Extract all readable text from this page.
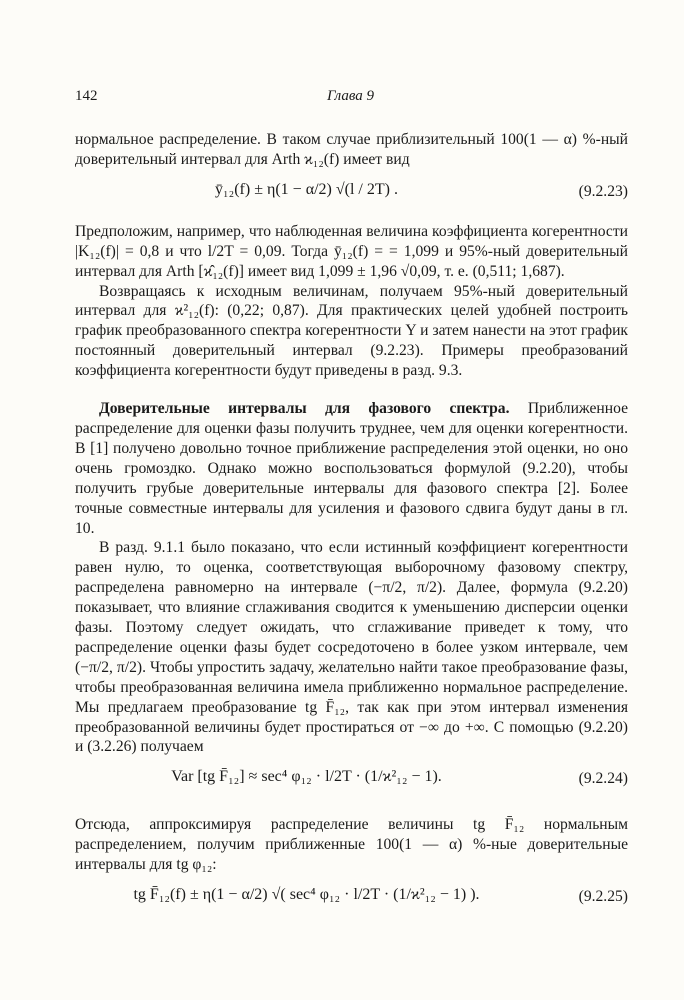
142	Глава 9

нормальное распределение. В таком случае приблизительный 100(1 — α) %-ный доверительный интервал для Arth ϰ₁₂(f) имеет вид

ȳ₁₂(f) ± η(1 − α/2) √(l / 2T) .	(9.2.23)

Предположим, например, что наблюденная величина коэффициента когерентности |K₁₂(f)| = 0,8 и что l/2T = 0,09. Тогда ȳ₁₂(f) = = 1,099 и 95%-ный доверительный интервал для Arth [ϰ̂₁₂(f)] имеет вид 1,099 ± 1,96 √0,09, т. е. (0,511; 1,687).

Возвращаясь к исходным величинам, получаем 95%-ный доверительный интервал для ϰ²₁₂(f): (0,22; 0,87). Для практических целей удобней построить график преобразованного спектра когерентности Y и затем нанести на этот график постоянный доверительный интервал (9.2.23). Примеры преобразований коэффициента когерентности будут приведены в разд. 9.3.

Доверительные интервалы для фазового спектра. Приближенное распределение для оценки фазы получить труднее, чем для оценки когерентности. В [1] получено довольно точное приближение распределения этой оценки, но оно очень громоздко. Однако можно воспользоваться формулой (9.2.20), чтобы получить грубые доверительные интервалы для фазового спектра [2]. Более точные совместные интервалы для усиления и фазового сдвига будут даны в гл. 10.

В разд. 9.1.1 было показано, что если истинный коэффициент когерентности равен нулю, то оценка, соответствующая выборочному фазовому спектру, распределена равномерно на интервале (−π/2, π/2). Далее, формула (9.2.20) показывает, что влияние сглаживания сводится к уменьшению дисперсии оценки фазы. Поэтому следует ожидать, что сглаживание приведет к тому, что распределение оценки фазы будет сосредоточено в более узком интервале, чем (−π/2, π/2). Чтобы упростить задачу, желательно найти такое преобразование фазы, чтобы преобразованная величина имела приближенно нормальное распределение. Мы предлагаем преобразование tg F̄₁₂, так как при этом интервал изменения преобразованной величины будет простираться от −∞ до +∞. С помощью (9.2.20) и (3.2.26) получаем

Var [tg F̄₁₂] ≈ sec⁴ φ₁₂ · l/2T · (1/ϰ²₁₂ − 1).	(9.2.24)

Отсюда, аппроксимируя распределение величины tg F̄₁₂ нормальным распределением, получим приближенные 100(1 — α) %-ные доверительные интервалы для tg φ₁₂:

tg F̄₁₂(f) ± η(1 − α/2) √( sec⁴ φ₁₂ · l/2T · (1/ϰ²₁₂ − 1) ).	(9.2.25)
